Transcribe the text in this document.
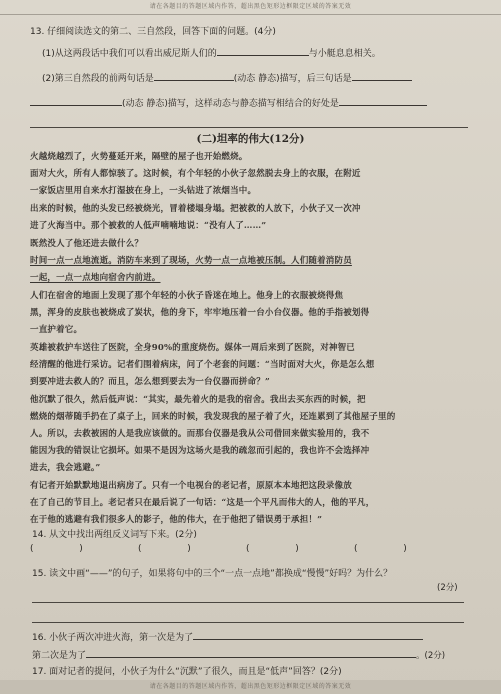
请在各题目的答题区域内作答，超出黑色矩形边框限定区域的答案无效
13. 仔细阅读选文的第二、三自然段，回答下面的问题。(4分)
(1)从这两段话中我们可以看出威尼斯人们的	与小艇息息相关。
(2)第三自然段的前两句话是	(动态 静态)描写，后三句话是
(动态 静态)描写，这样动态与静态描写相结合的好处是
(二)坦率的伟大(12分)
火越烧越烈了，火势蔓延开来，隔壁的屋子也开始燃烧。
面对大火，所有人都惊骇了。这时候，有个年轻的小伙子忽然脱去身上的衣服，在附近
一家饭店里用自来水打湿披在身上，一头钻进了浓烟当中。
出来的时候，他的头发已经被烧光，冒着楼塌身塌。把被救的人放下，小伙子又一次冲
进了火海当中。那个被救的人低声喃喃地说：“没有人了……”
既然没人了他还进去做什么？
时间一点一点地流逝。消防车来到了现场，火势一点一点地被压制。人们随着消防员
一起，一点一点地向宿舍内前进。
人们在宿舍的地面上发现了那个年轻的小伙子昏迷在地上。他身上的衣服被烧得焦
黑，浑身的皮肤也被烧成了炭状，他的身下，牢牢地压着一台小台仪器。他的手指被划得
一直护着它。
英雄被救护车送往了医院，全身90%的重度烧伤。媒体一周后来到了医院，对神智已
经清醒的他进行采访。记者们围着病床，问了个老套的问题：“当时面对大火，你是怎么想
到要冲进去救人的？而且，怎么想到要去为一台仪器而拼命？”
他沉默了很久，然后低声说：“其实，最先着火的是我的宿舍。我出去买东西的时候，把
燃烧的烟蒂随手扔在了桌子上，回来的时候，我发现我的屋子着了火，还连累到了其他屋子里的
人。所以，去救被困的人是我应该做的。而那台仪器是我从公司借回来做实验用的，我不
能因为我的错误让它损坏。如果不是因为这场火是我的疏忽而引起的，我也许不会选择冲
进去，我会逃避。”
有记者开始默默地退出病房了。只有一个电视台的老记者，原原本本地把这段录像放
在了自己的节目上。老记者只在最后说了一句话：“这是一个平凡而伟大的人，他的平凡，
在于他的逃避有我们很多人的影子，他的伟大，在于他把了错误勇于承担！”
14. 从文中找出两组反义词写下来。(2分)
(                )	(                )	(                )	(                )
15. 读文中画“——”的句子，如果将句中的三个“一点一点地”都换成“慢慢”好吗？为什么？
(2分)
16. 小伙子两次冲进火海，第一次是为了
第二次是为了	。(2分)
17. 面对记者的提问，小伙子为什么“沉默”了很久，而且是“低声”回答？(2分)
请在各题目的答题区域内作答，超出黑色矩形边框限定区域的答案无效
